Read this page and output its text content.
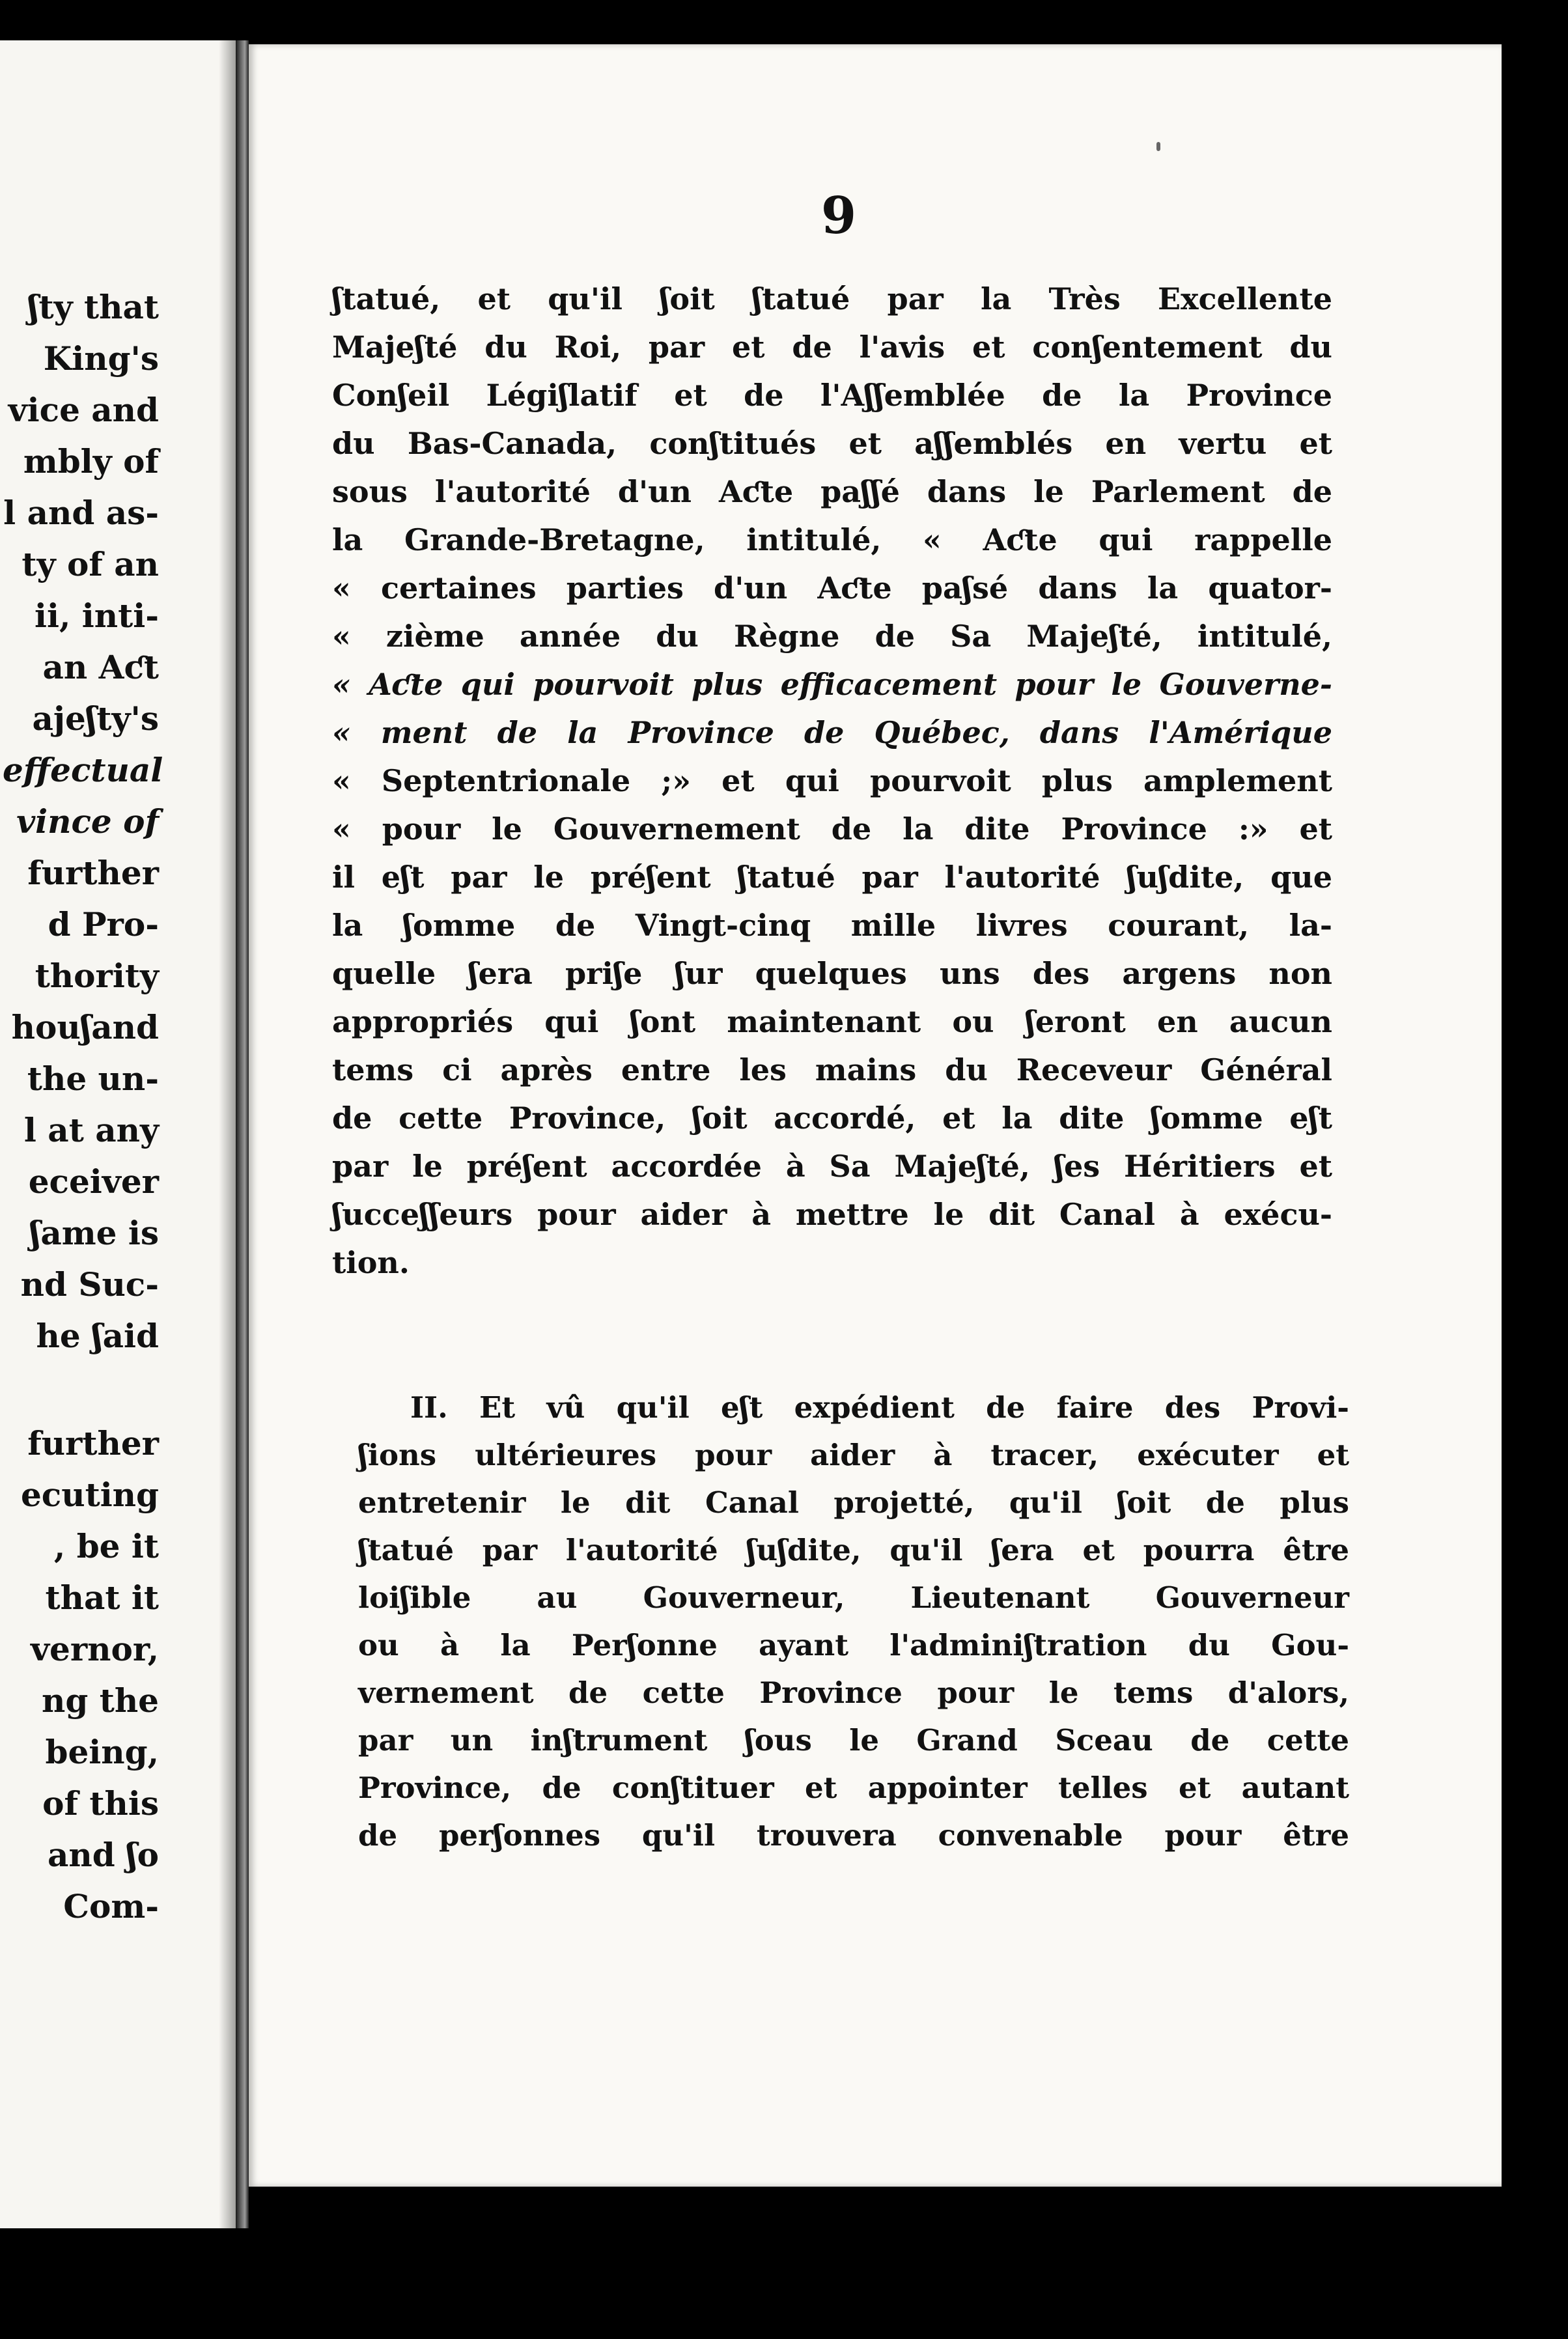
ʃty that
King's
vice and
mbly of
l and as-
ty of an
ii, inti-
an Aƈt
ajeʃty's
effectual
vince of
further
d Pro-
thority
houʃand
the un-
l at any
eceiver
ʃame is
nd Suc-
he ʃaid
further
ecuting
, be it
that it
vernor,
ng the
being,
of this
and ʃo
Com-
9
ʃtatué, et qu'il ʃoit ʃtatué par la Très Excellente
Majeʃté du Roi, par et de l'avis et conʃentement du
Conʃeil Légiʃlatif et de l'Aʃʃemblée de la Province
du Bas-Canada, conʃtitués et aʃʃemblés en vertu et
sous l'autorité d'un Aƈte paʃʃé dans le Parlement de
la Grande-Bretagne, intitulé, « Aƈte qui rappelle
« certaines parties d'un Aƈte paʃsé dans la quator-
« zième année du Règne de Sa Majeʃté, intitulé,
« Aƈte qui pourvoit plus efficacement pour le Gouverne-
« ment de la Province de Québec, dans l'Amérique
« Septentrionale ;» et qui pourvoit plus amplement
« pour le Gouvernement de la dite Province :» et
il eʃt par le préʃent ʃtatué par l'autorité ʃuʃdite, que
la ʃomme de Vingt-cinq mille livres courant, la-
quelle ʃera priʃe ʃur quelques uns des argens non
appropriés qui ʃont maintenant ou ʃeront en aucun
tems ci après entre les mains du Receveur Général
de cette Province, ʃoit accordé, et la dite ʃomme eʃt
par le préʃent accordée à Sa Majeʃté, ʃes Héritiers et
ʃucceʃʃeurs pour aider à mettre le dit Canal à exécu-
tion.
II. Et vû qu'il eʃt expédient de faire des Provi-
ʃions ultérieures pour aider à tracer, exécuter et
entretenir le dit Canal projetté, qu'il ʃoit de plus
ʃtatué par l'autorité ʃuʃdite, qu'il ʃera et pourra être
loiʃible au Gouverneur, Lieutenant Gouverneur
ou à la Perʃonne ayant l'adminiʃtration du Gou-
vernement de cette Province pour le tems d'alors,
par un inʃtrument ʃous le Grand Sceau de cette
Province, de conʃtituer et appointer telles et autant
de perʃonnes qu'il trouvera convenable pour être
